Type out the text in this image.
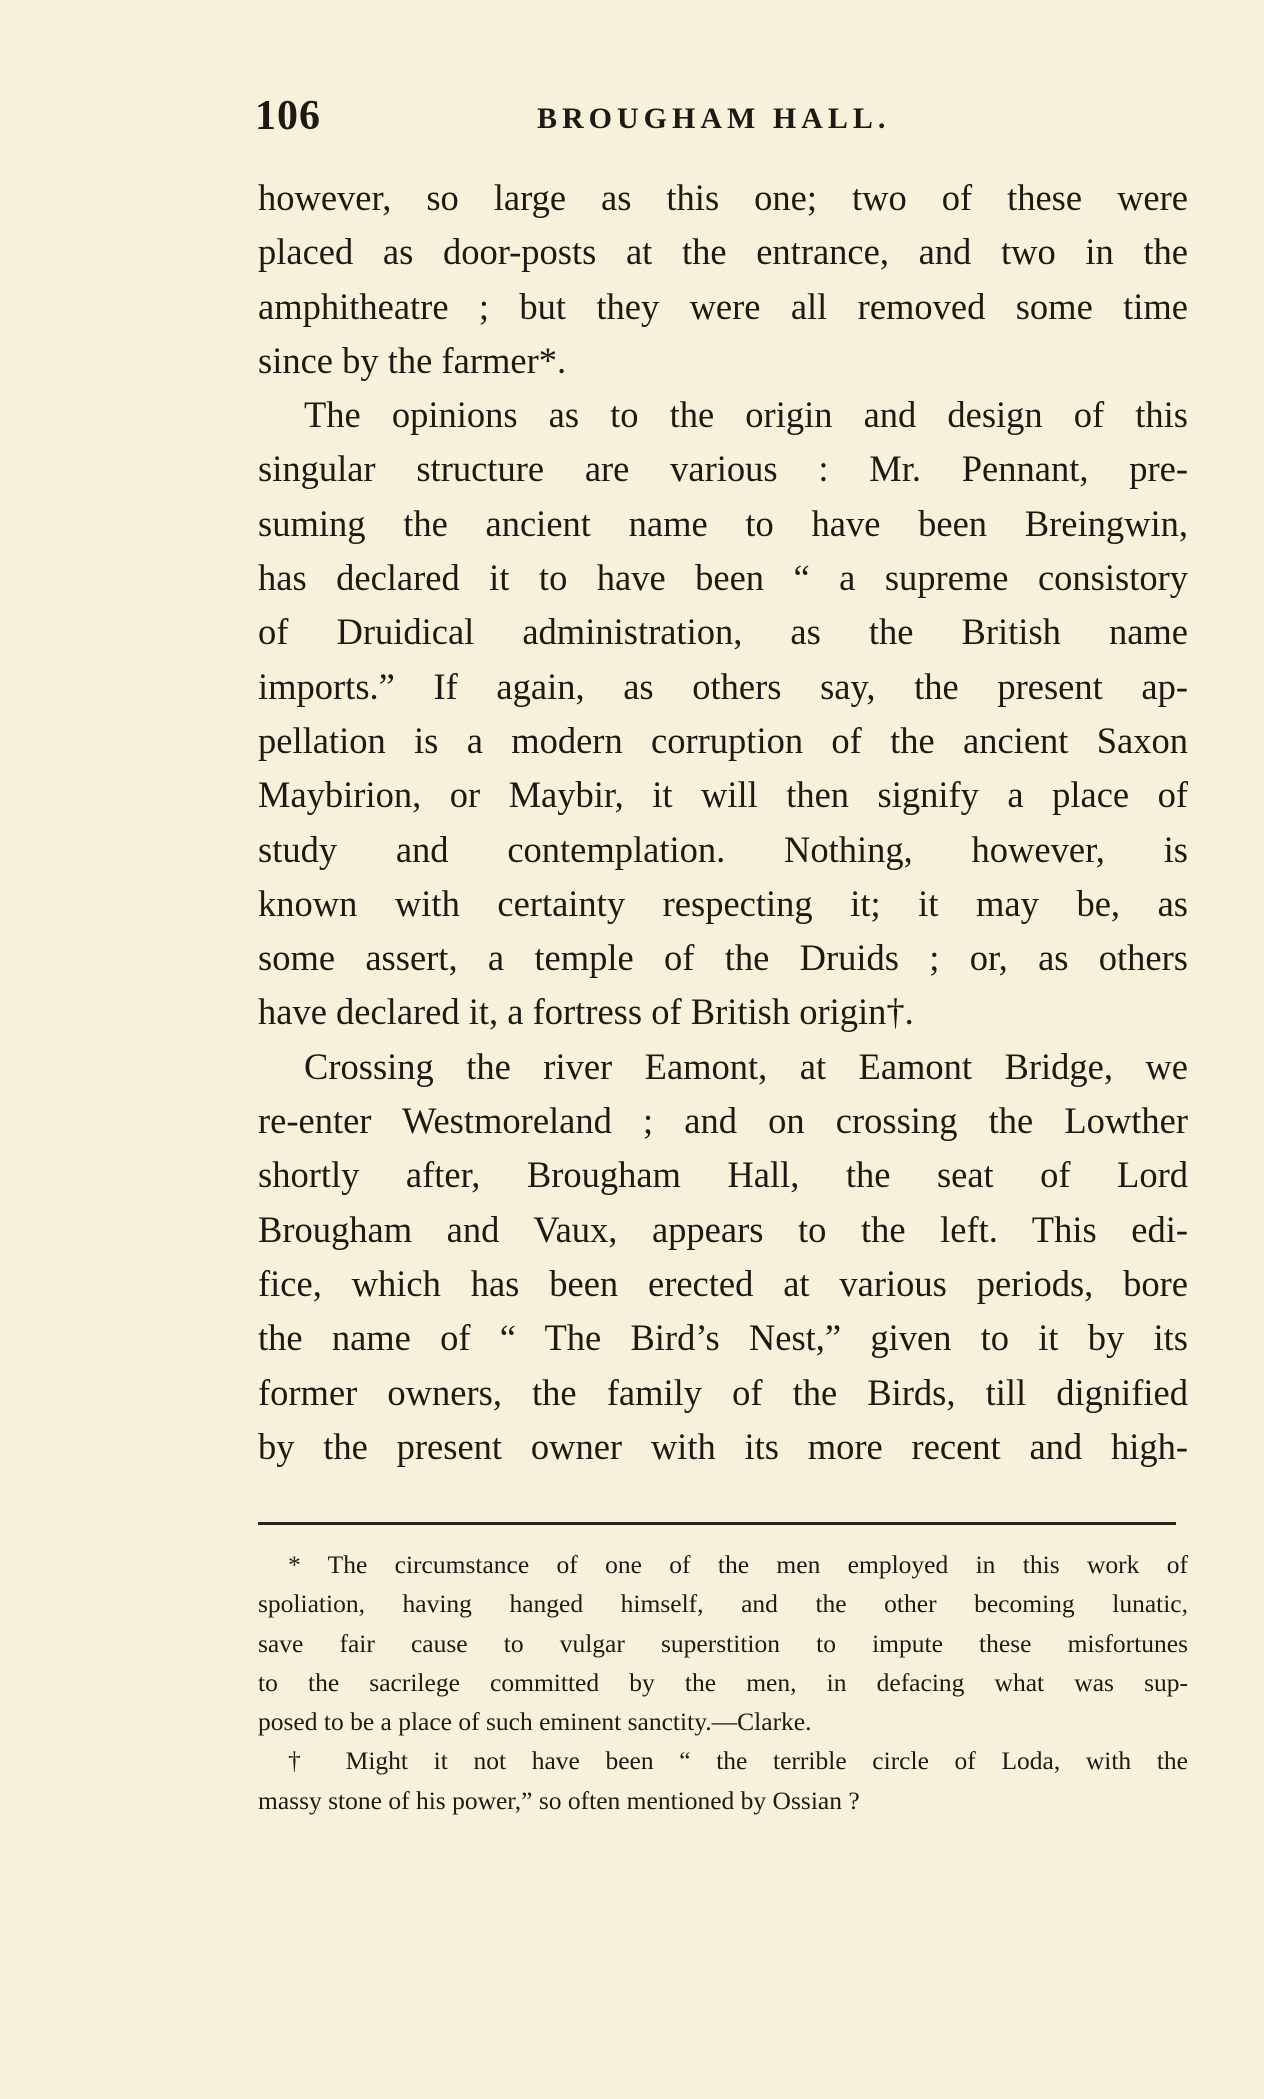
106	BROUGHAM HALL.
however, so large as this one; two of these were
placed as door-posts at the entrance, and two in the
amphitheatre ; but they were all removed some time
since by the farmer*.
The opinions as to the origin and design of this
singular structure are various : Mr. Pennant, pre-
suming the ancient name to have been Breingwin,
has declared it to have been “ a supreme consistory
of Druidical administration, as the British name
imports.” If again, as others say, the present ap-
pellation is a modern corruption of the ancient Saxon
Maybirion, or Maybir, it will then signify a place of
study and contemplation. Nothing, however, is
known with certainty respecting it; it may be, as
some assert, a temple of the Druids ; or, as others
have declared it, a fortress of British origin†.
Crossing the river Eamont, at Eamont Bridge, we
re-enter Westmoreland ; and on crossing the Lowther
shortly after, Brougham Hall, the seat of Lord
Brougham and Vaux, appears to the left. This edi-
fice, which has been erected at various periods, bore
the name of “ The Bird’s Nest,” given to it by its
former owners, the family of the Birds, till dignified
by the present owner with its more recent and high-
* The circumstance of one of the men employed in this work of
spoliation, having hanged himself, and the other becoming lunatic,
save fair cause to vulgar superstition to impute these misfortunes
to the sacrilege committed by the men, in defacing what was sup-
posed to be a place of such eminent sanctity.—Clarke.
† Might it not have been “ the terrible circle of Loda, with the
massy stone of his power,” so often mentioned by Ossian ?
